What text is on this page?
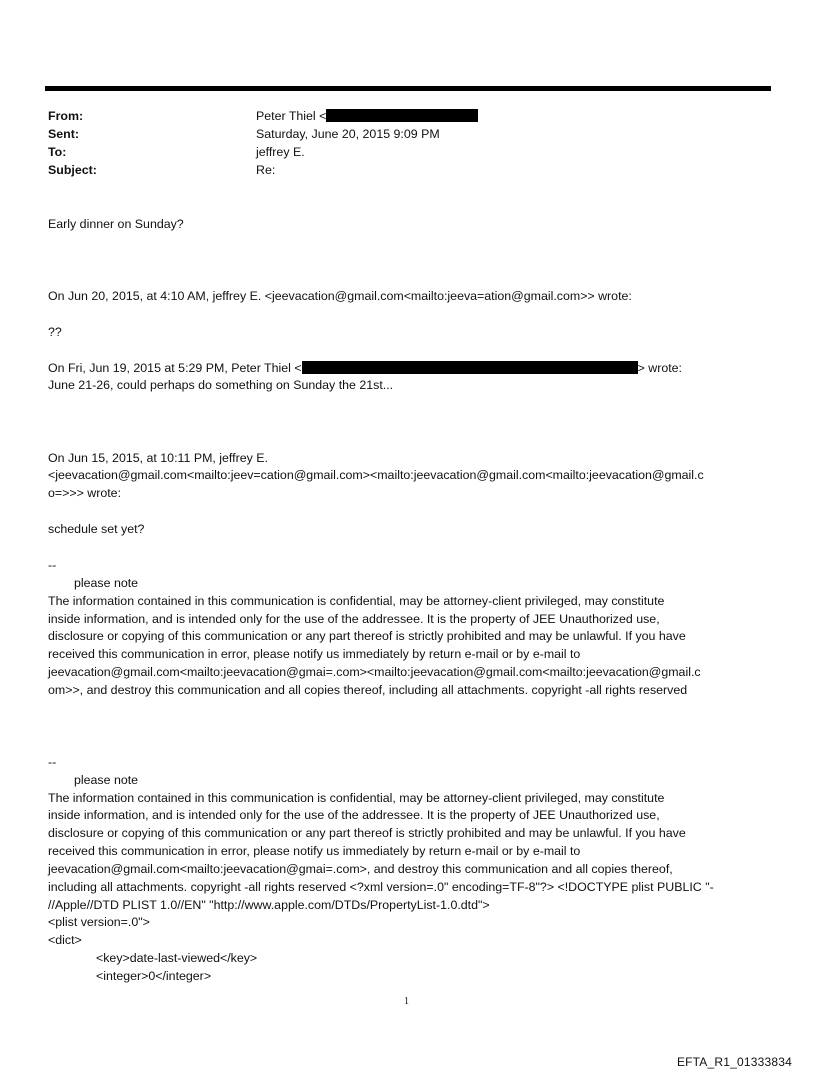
From:	Peter Thiel <
Sent:	Saturday, June 20, 2015 9:09 PM
To:	jeffrey E.
Subject:	Re:
Early dinner on Sunday?
On Jun 20, 2015, at 4:10 AM, jeffrey E. <jeevacation@gmail.com<mailto:jeeva=ation@gmail.com>> wrote:
??
On Fri, Jun 19, 2015 at 5:29 PM, Peter Thiel <	> wrote:
June 21-26, could perhaps do something on Sunday the 21st...
On Jun 15, 2015, at 10:11 PM, jeffrey E.
<jeevacation@gmail.com<mailto:jeev=cation@gmail.com><mailto:jeevacation@gmail.com<mailto:jeevacation@gmail.c
o=>>> wrote:
schedule set yet?
--
please note
The information contained in this communication is confidential, may be attorney-client privileged, may constitute
inside information, and is intended only for the use of the addressee. It is the property of JEE Unauthorized use,
disclosure or copying of this communication or any part thereof is strictly prohibited and may be unlawful. If you have
received this communication in error, please notify us immediately by return e-mail or by e-mail to
jeevacation@gmail.com<mailto:jeevacation@gmai=.com><mailto:jeevacation@gmail.com<mailto:jeevacation@gmail.c
om>>, and destroy this communication and all copies thereof, including all attachments. copyright -all rights reserved
--
please note
The information contained in this communication is confidential, may be attorney-client privileged, may constitute
inside information, and is intended only for the use of the addressee. It is the property of JEE Unauthorized use,
disclosure or copying of this communication or any part thereof is strictly prohibited and may be unlawful. If you have
received this communication in error, please notify us immediately by return e-mail or by e-mail to
jeevacation@gmail.com<mailto:jeevacation@gmai=.com>, and destroy this communication and all copies thereof,
including all attachments. copyright -all rights reserved <?xml version=.0" encoding=TF-8"?> <!DOCTYPE plist PUBLIC "-
//Apple//DTD PLIST 1.0//EN" "http://www.apple.com/DTDs/PropertyList-1.0.dtd">
<plist version=.0">
<dict>
<key>date-last-viewed</key>
<integer>0</integer>
1
EFTA_R1_01333834
